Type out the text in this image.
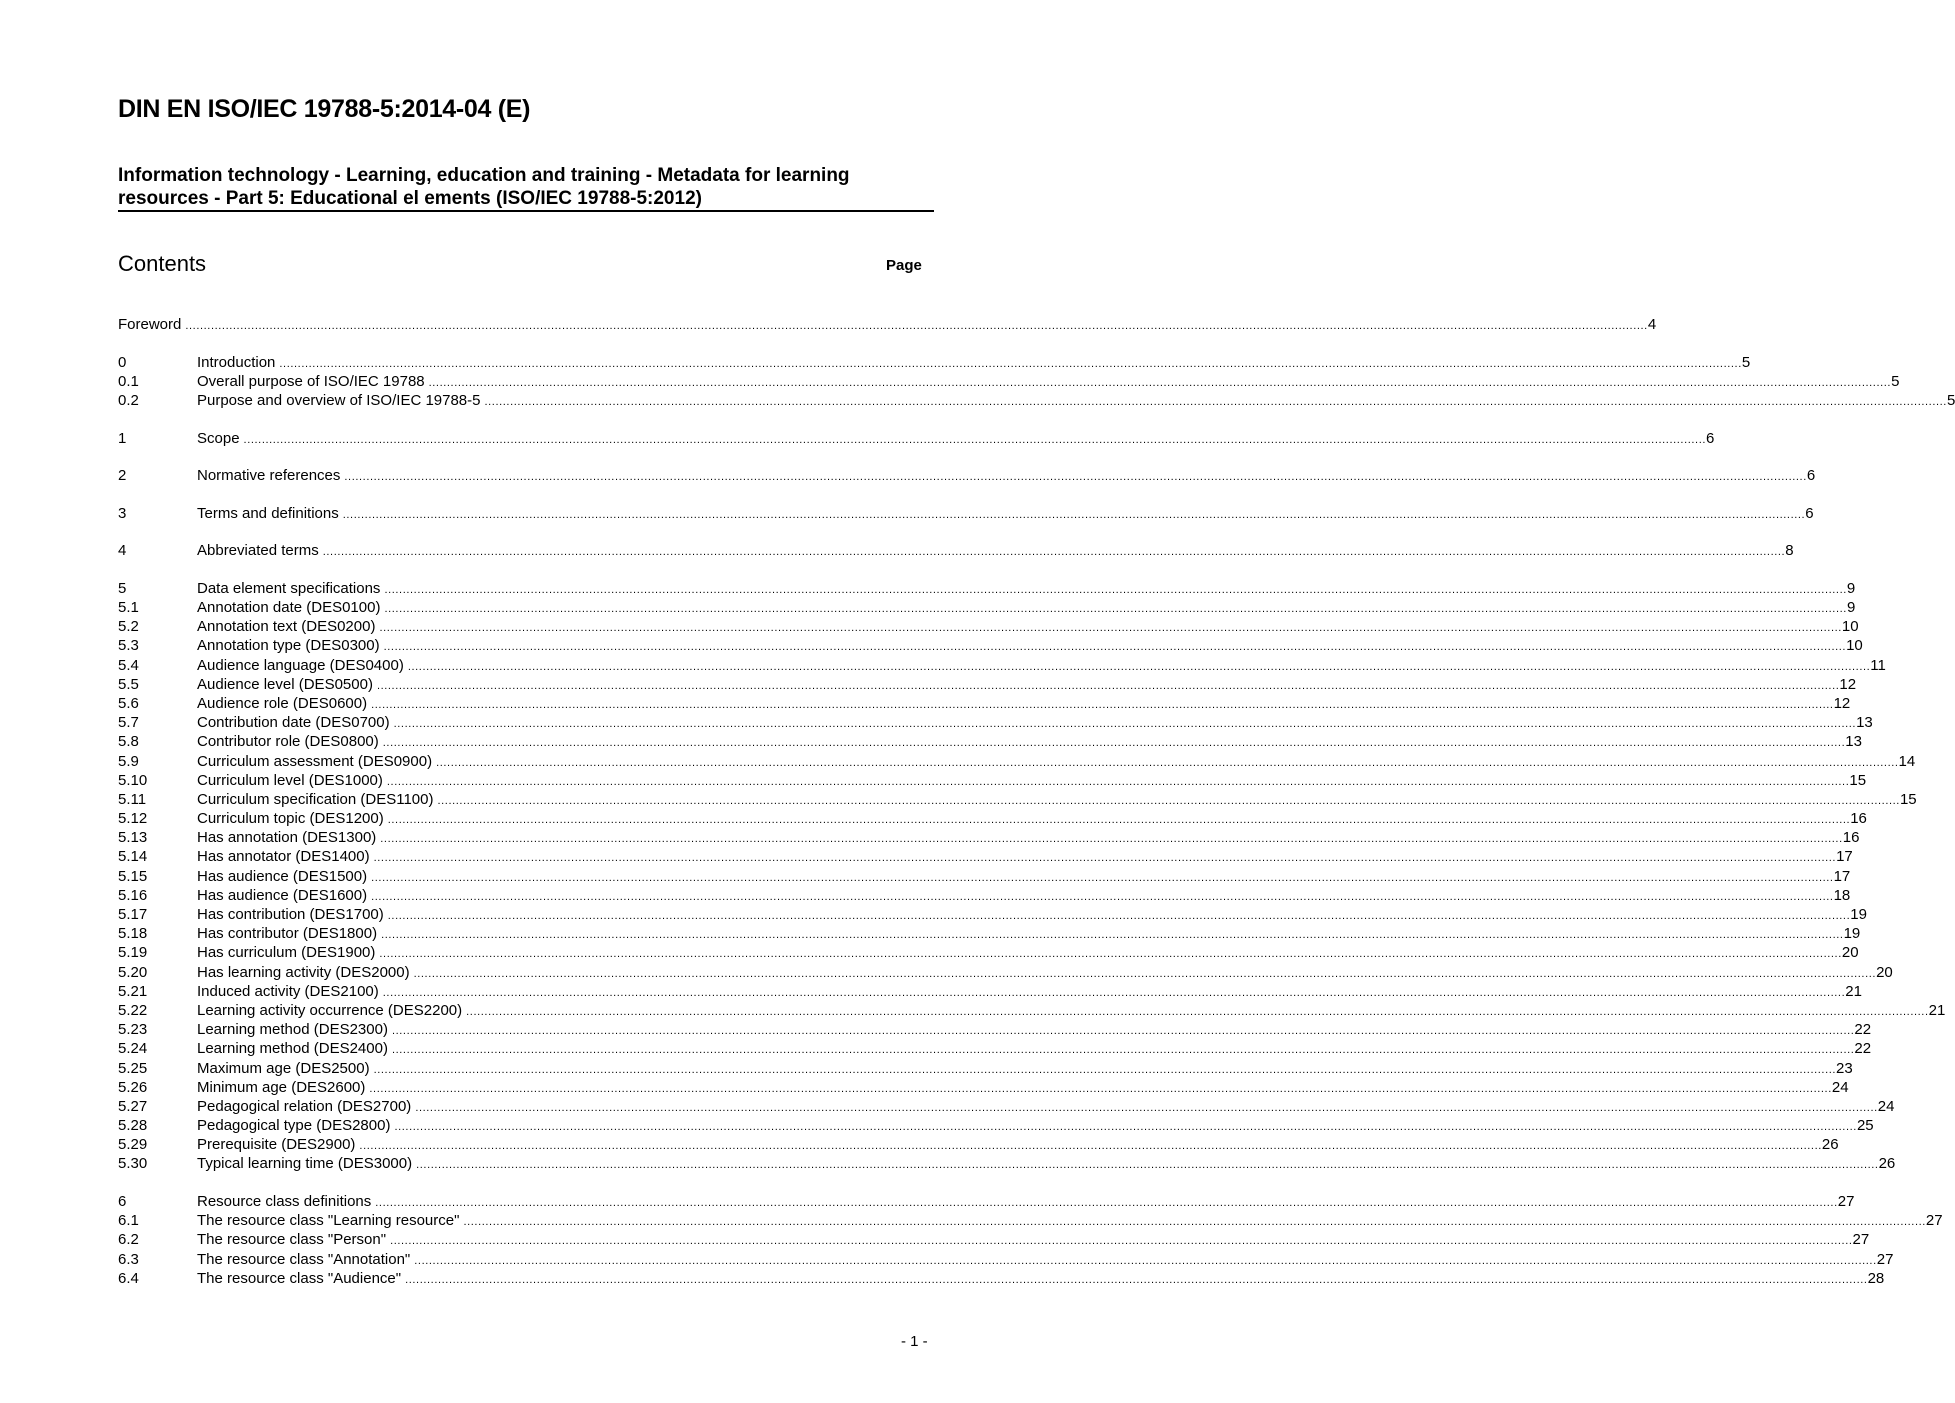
DIN EN ISO/IEC 19788-5:2014-04 (E)
Information technology - Learning, education and training - Metadata for learning
resources - Part 5: Educational el ements (ISO/IEC 19788-5:2012)
Contents	Page
Foreword ................................................................................................................................................................................................................................................................................................................................................................................................................ 4
0	Introduction ................................................................................................................................................................................................................................................................................................................................................................................................................ 5
0.1	Overall purpose of ISO/IEC 19788 ................................................................................................................................................................................................................................................................................................................................................................................................................ 5
0.2	Purpose and overview of ISO/IEC 19788-5 ................................................................................................................................................................................................................................................................................................................................................................................................................ 5
1	Scope ................................................................................................................................................................................................................................................................................................................................................................................................................ 6
2	Normative references ................................................................................................................................................................................................................................................................................................................................................................................................................ 6
3	Terms and definitions ................................................................................................................................................................................................................................................................................................................................................................................................................ 6
4	Abbreviated terms ................................................................................................................................................................................................................................................................................................................................................................................................................ 8
5	Data element specifications ................................................................................................................................................................................................................................................................................................................................................................................................................ 9
5.1	Annotation date (DES0100) ................................................................................................................................................................................................................................................................................................................................................................................................................ 9
5.2	Annotation text (DES0200) ................................................................................................................................................................................................................................................................................................................................................................................................................ 10
5.3	Annotation type (DES0300) ................................................................................................................................................................................................................................................................................................................................................................................................................ 10
5.4	Audience language (DES0400) ................................................................................................................................................................................................................................................................................................................................................................................................................ 11
5.5	Audience level (DES0500) ................................................................................................................................................................................................................................................................................................................................................................................................................ 12
5.6	Audience role (DES0600) ................................................................................................................................................................................................................................................................................................................................................................................................................ 12
5.7	Contribution date (DES0700) ................................................................................................................................................................................................................................................................................................................................................................................................................ 13
5.8	Contributor role (DES0800) ................................................................................................................................................................................................................................................................................................................................................................................................................ 13
5.9	Curriculum assessment (DES0900) ................................................................................................................................................................................................................................................................................................................................................................................................................ 14
5.10	Curriculum level (DES1000) ................................................................................................................................................................................................................................................................................................................................................................................................................ 15
5.11	Curriculum specification (DES1100) ................................................................................................................................................................................................................................................................................................................................................................................................................ 15
5.12	Curriculum topic (DES1200) ................................................................................................................................................................................................................................................................................................................................................................................................................ 16
5.13	Has annotation (DES1300) ................................................................................................................................................................................................................................................................................................................................................................................................................ 16
5.14	Has annotator (DES1400) ................................................................................................................................................................................................................................................................................................................................................................................................................ 17
5.15	Has audience (DES1500) ................................................................................................................................................................................................................................................................................................................................................................................................................ 17
5.16	Has audience (DES1600) ................................................................................................................................................................................................................................................................................................................................................................................................................ 18
5.17	Has contribution (DES1700) ................................................................................................................................................................................................................................................................................................................................................................................................................ 19
5.18	Has contributor (DES1800) ................................................................................................................................................................................................................................................................................................................................................................................................................ 19
5.19	Has curriculum (DES1900) ................................................................................................................................................................................................................................................................................................................................................................................................................ 20
5.20	Has learning activity (DES2000) ................................................................................................................................................................................................................................................................................................................................................................................................................ 20
5.21	Induced activity (DES2100) ................................................................................................................................................................................................................................................................................................................................................................................................................ 21
5.22	Learning activity occurrence (DES2200) ................................................................................................................................................................................................................................................................................................................................................................................................................ 21
5.23	Learning method (DES2300) ................................................................................................................................................................................................................................................................................................................................................................................................................ 22
5.24	Learning method (DES2400) ................................................................................................................................................................................................................................................................................................................................................................................................................ 22
5.25	Maximum age (DES2500) ................................................................................................................................................................................................................................................................................................................................................................................................................ 23
5.26	Minimum age (DES2600) ................................................................................................................................................................................................................................................................................................................................................................................................................ 24
5.27	Pedagogical relation (DES2700) ................................................................................................................................................................................................................................................................................................................................................................................................................ 24
5.28	Pedagogical type (DES2800) ................................................................................................................................................................................................................................................................................................................................................................................................................ 25
5.29	Prerequisite (DES2900) ................................................................................................................................................................................................................................................................................................................................................................................................................ 26
5.30	Typical learning time (DES3000) ................................................................................................................................................................................................................................................................................................................................................................................................................ 26
6	Resource class definitions ................................................................................................................................................................................................................................................................................................................................................................................................................ 27
6.1	The resource class "Learning resource" ................................................................................................................................................................................................................................................................................................................................................................................................................ 27
6.2	The resource class "Person" ................................................................................................................................................................................................................................................................................................................................................................................................................ 27
6.3	The resource class "Annotation" ................................................................................................................................................................................................................................................................................................................................................................................................................ 27
6.4	The resource class "Audience" ................................................................................................................................................................................................................................................................................................................................................................................................................ 28
- 1 -
